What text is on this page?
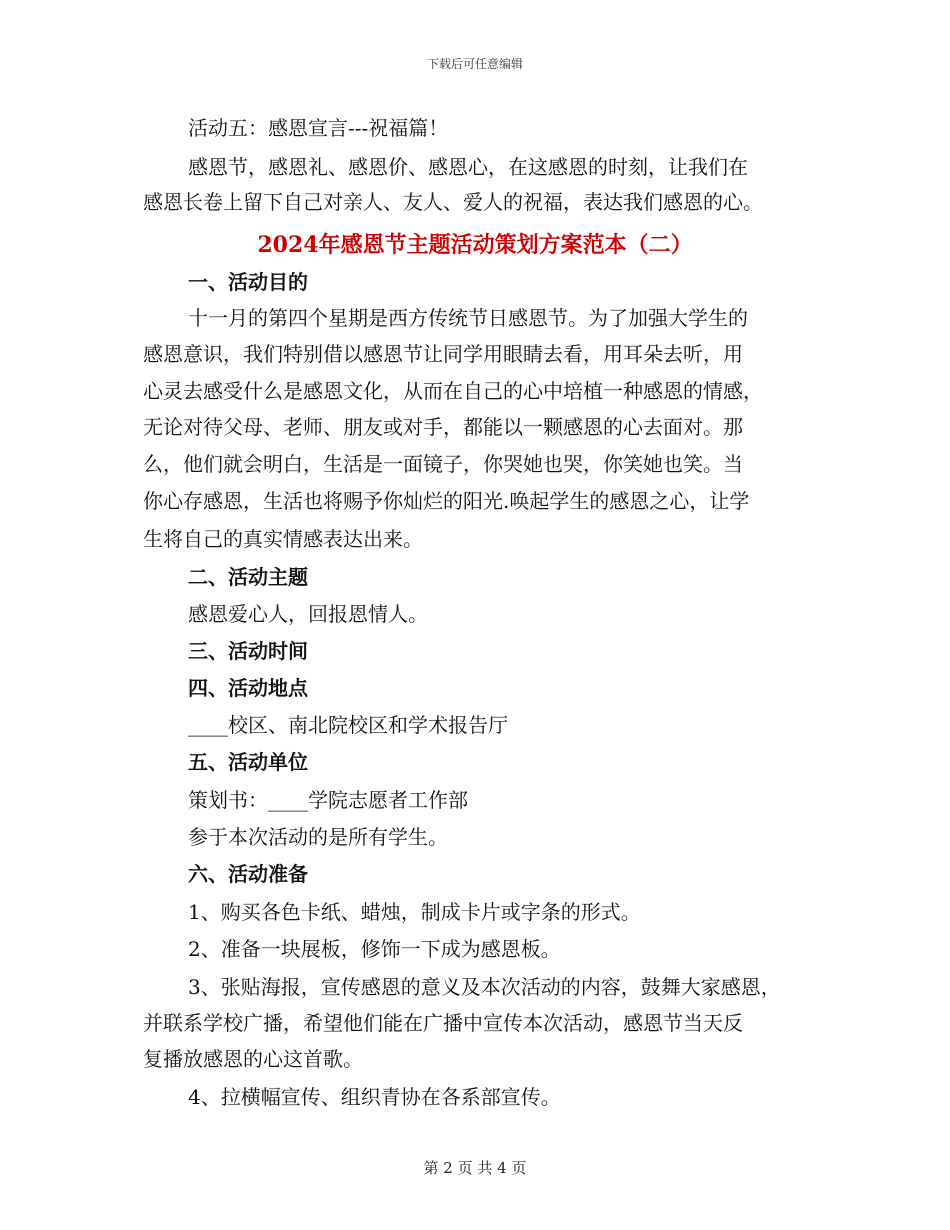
下载后可任意编辑
活动五：感恩宣言---祝福篇！
感恩节，感恩礼、感恩价、感恩心，在这感恩的时刻，让我们在
感恩长卷上留下自己对亲人、友人、爱人的祝福，表达我们感恩的心。
2024年感恩节主题活动策划方案范本（二）
一、活动目的
十一月的第四个星期是西方传统节日感恩节。为了加强大学生的
感恩意识，我们特别借以感恩节让同学用眼睛去看，用耳朵去听，用
心灵去感受什么是感恩文化，从而在自己的心中培植一种感恩的情感，
无论对待父母、老师、朋友或对手，都能以一颗感恩的心去面对。那
么，他们就会明白，生活是一面镜子，你哭她也哭，你笑她也笑。当
你心存感恩，生活也将赐予你灿烂的阳光.唤起学生的感恩之心，让学
生将自己的真实情感表达出来。
二、活动主题
感恩爱心人，回报恩情人。
三、活动时间
四、活动地点
____校区、南北院校区和学术报告厅
五、活动单位
策划书：____学院志愿者工作部
参于本次活动的是所有学生。
六、活动准备
1、购买各色卡纸、蜡烛，制成卡片或字条的形式。
2、准备一块展板，修饰一下成为感恩板。
3、张贴海报，宣传感恩的意义及本次活动的内容，鼓舞大家感恩，
并联系学校广播，希望他们能在广播中宣传本次活动，感恩节当天反
复播放感恩的心这首歌。
4、拉横幅宣传、组织青协在各系部宣传。
第 2 页 共 4 页
